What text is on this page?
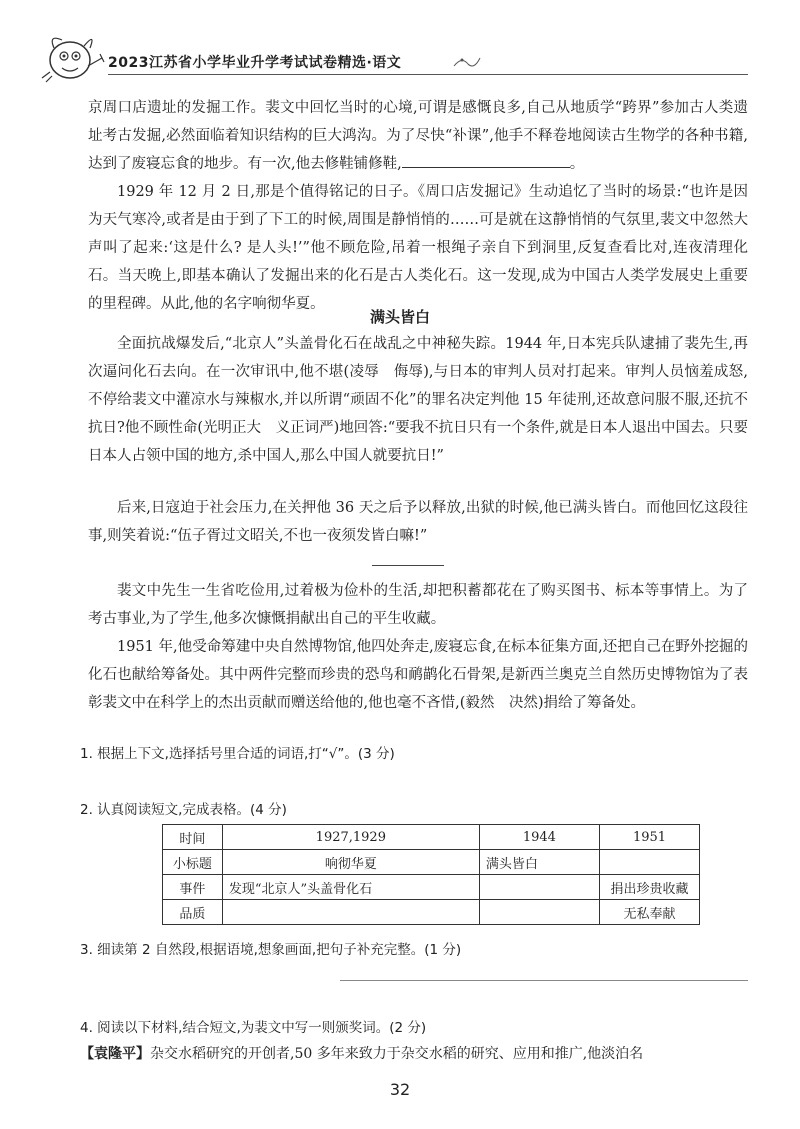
2023江苏省小学毕业升学考试试卷精选·语文

京周口店遗址的发掘工作。裴文中回忆当时的心境,可谓是感慨良多,自己从地质学“跨界”参加古人类遗址考古发掘,必然面临着知识结构的巨大鸿沟。为了尽快“补课”,他手不释卷地阅读古生物学的各种书籍,达到了废寝忘食的地步。有一次,他去修鞋铺修鞋,	。

1929 年 12 月 2 日,那是个值得铭记的日子。《周口店发掘记》生动追忆了当时的场景:“也许是因为天气寒冷,或者是由于到了下工的时候,周围是静悄悄的……可是就在这静悄悄的气氛里,裴文中忽然大声叫了起来:‘这是什么? 是人头!’”他不顾危险,吊着一根绳子亲自下到洞里,反复查看比对,连夜清理化石。当天晚上,即基本确认了发掘出来的化石是古人类化石。这一发现,成为中国古人类学发展史上重要的里程碑。从此,他的名字响彻华夏。

满头皆白

全面抗战爆发后,“北京人”头盖骨化石在战乱之中神秘失踪。1944 年,日本宪兵队逮捕了裴先生,再次逼问化石去向。在一次审讯中,他不堪(凌辱　侮辱),与日本的审判人员对打起来。审判人员恼羞成怒,不停给裴文中灌凉水与辣椒水,并以所谓“顽固不化”的罪名决定判他 15 年徒刑,还故意问服不服,还抗不抗日?他不顾性命(光明正大　义正词严)地回答:“要我不抗日只有一个条件,就是日本人退出中国去。只要日本人占领中国的地方,杀中国人,那么中国人就要抗日!”

后来,日寇迫于社会压力,在关押他 36 天之后予以释放,出狱的时候,他已满头皆白。而他回忆这段往事,则笑着说:“伍子胥过文昭关,不也一夜须发皆白嘛!”

裴文中先生一生省吃俭用,过着极为俭朴的生活,却把积蓄都花在了购买图书、标本等事情上。为了考古事业,为了学生,他多次慷慨捐献出自己的平生收藏。

1951 年,他受命筹建中央自然博物馆,他四处奔走,废寝忘食,在标本征集方面,还把自己在野外挖掘的化石也献给筹备处。其中两件完整而珍贵的恐鸟和鸸鹋化石骨架,是新西兰奥克兰自然历史博物馆为了表彰裴文中在科学上的杰出贡献而赠送给他的,他也毫不吝惜,(毅然　决然)捐给了筹备处。

1. 根据上下文,选择括号里合适的词语,打“√”。(3 分)
2. 认真阅读短文,完成表格。(4 分)
时间	1927,1929	1944	1951
小标题	响彻华夏	满头皆白	
事件	发现“北京人”头盖骨化石		捐出珍贵收藏
品质			无私奉献
3. 细读第 2 自然段,根据语境,想象画面,把句子补充完整。(1 分)
4. 阅读以下材料,结合短文,为裴文中写一则颁奖词。(2 分)
【袁隆平】杂交水稻研究的开创者,50 多年来致力于杂交水稻的研究、应用和推广,他淡泊名
32
